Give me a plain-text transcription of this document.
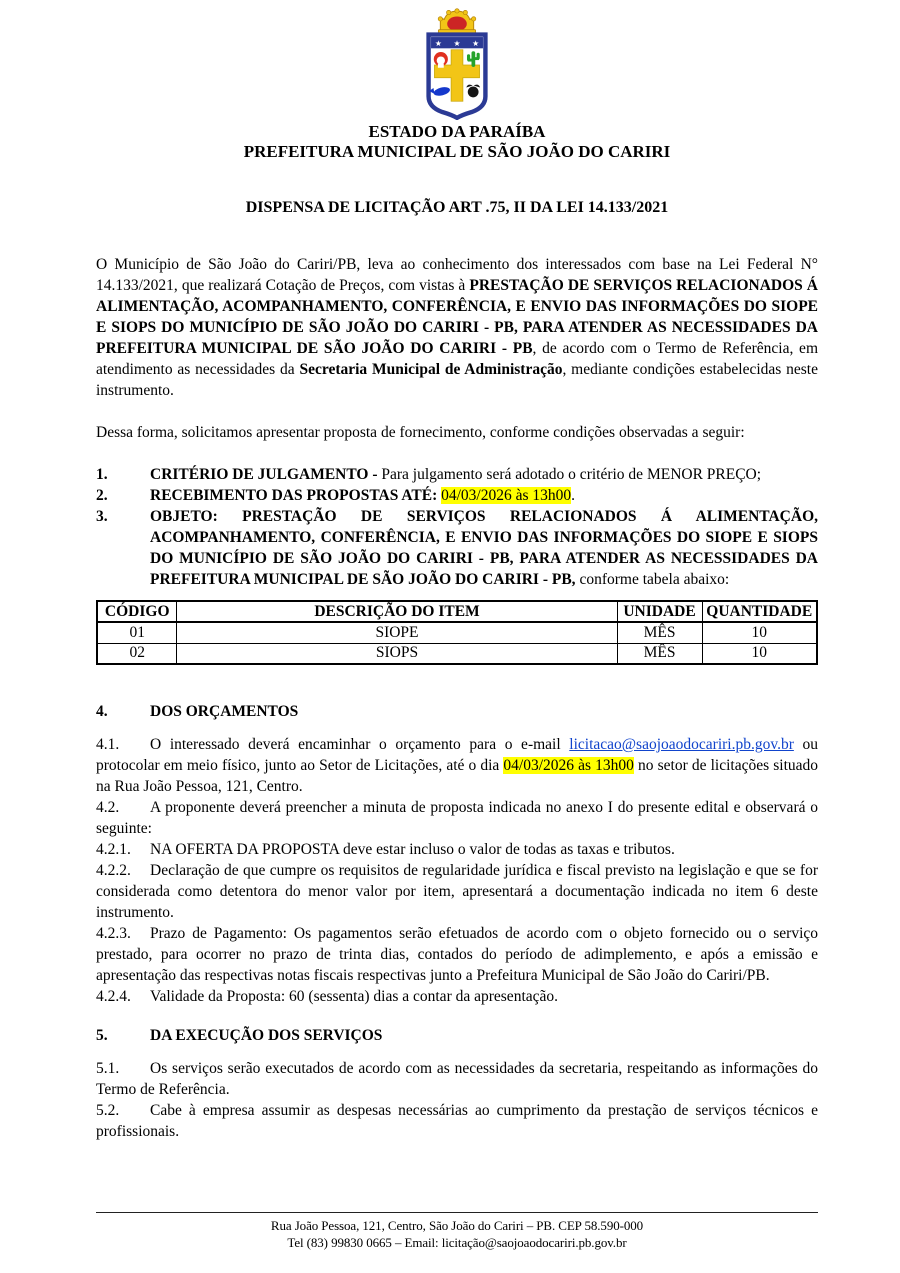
★ ★ ★
ESTADO DA PARAÍBA
PREFEITURA MUNICIPAL DE SÃO JOÃO DO CARIRI
DISPENSA DE LICITAÇÃO ART .75, II DA LEI 14.133/2021

O Município de São João do Cariri/PB, leva ao conhecimento dos interessados com base na Lei Federal N° 14.133/2021, que realizará Cotação de Preços, com vistas à PRESTAÇÃO DE SERVIÇOS RELACIONADOS Á ALIMENTAÇÃO, ACOMPANHAMENTO, CONFERÊNCIA, E ENVIO DAS INFORMAÇÕES DO SIOPE E SIOPS DO MUNICÍPIO DE SÃO JOÃO DO CARIRI - PB, PARA ATENDER AS NECESSIDADES DA PREFEITURA MUNICIPAL DE SÃO JOÃO DO CARIRI - PB, de acordo com o Termo de Referência, em atendimento as necessidades da Secretaria Municipal de Administração, mediante condições estabelecidas neste instrumento.

Dessa forma, solicitamos apresentar proposta de fornecimento, conforme condições observadas a seguir:

1.	CRITÉRIO DE JULGAMENTO - Para julgamento será adotado o critério de MENOR PREÇO;

2.	RECEBIMENTO DAS PROPOSTAS ATÉ: 04/03/2026 às 13h00.

3.	OBJETO: PRESTAÇÃO DE SERVIÇOS RELACIONADOS Á ALIMENTAÇÃO, ACOMPANHAMENTO, CONFERÊNCIA, E ENVIO DAS INFORMAÇÕES DO SIOPE E SIOPS DO MUNICÍPIO DE SÃO JOÃO DO CARIRI - PB, PARA ATENDER AS NECESSIDADES DA PREFEITURA MUNICIPAL DE SÃO JOÃO DO CARIRI - PB, conforme tabela abaixo:

CÓDIGO	DESCRIÇÃO DO ITEM	UNIDADE	QUANTIDADE
01	SIOPE	MÊS	10
02	SIOPS	MÊS	10

4.	DOS ORÇAMENTOS

4.1. O interessado deverá encaminhar o orçamento para o e-mail licitacao@saojoaodocariri.pb.gov.br ou protocolar em meio físico, junto ao Setor de Licitações, até o dia 04/03/2026 às 13h00 no setor de licitações situado na Rua João Pessoa, 121, Centro.

4.2. A proponente deverá preencher a minuta de proposta indicada no anexo I do presente edital e observará o seguinte:

4.2.1. NA OFERTA DA PROPOSTA deve estar incluso o valor de todas as taxas e tributos.

4.2.2. Declaração de que cumpre os requisitos de regularidade jurídica e fiscal previsto na legislação e que se for considerada como detentora do menor valor por item, apresentará a documentação indicada no item 6 deste instrumento.

4.2.3. Prazo de Pagamento: Os pagamentos serão efetuados de acordo com o objeto fornecido ou o serviço prestado, para ocorrer no prazo de trinta dias, contados do período de adimplemento, e após a emissão e apresentação das respectivas notas fiscais respectivas junto a Prefeitura Municipal de São João do Cariri/PB.

4.2.4. Validade da Proposta: 60 (sessenta) dias a contar da apresentação.

5.	DA EXECUÇÃO DOS SERVIÇOS

5.1. Os serviços serão executados de acordo com as necessidades da secretaria, respeitando as informações do Termo de Referência.

5.2. Cabe à empresa assumir as despesas necessárias ao cumprimento da prestação de serviços técnicos e profissionais.

Rua João Pessoa, 121, Centro, São João do Cariri – PB. CEP 58.590-000
Tel (83) 99830 0665 – Email: licitação@saojoaodocariri.pb.gov.br
